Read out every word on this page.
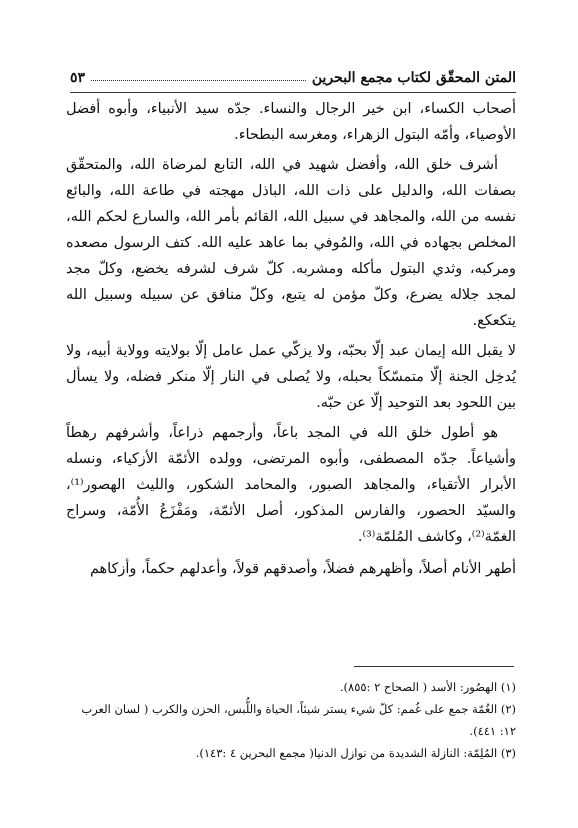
المتن المحقّق لكتاب مجمع البحرين
٥٣

أصحاب الكساء، ابن خير الرجال والنساء. جدّه سيد الأنبياء، وأبوه أفضل الأوصياء، وأمّه البتول الزهراء، ومغرسه البطحاء.

أشرف خلق الله، وأفضل شهيد في الله، التابع لمرضاة الله، والمتحقّق بصفات الله، والدليل على ذات الله، الباذل مهجته في طاعة الله، والبائع نفسه من الله، والمجاهد في سبيل الله، القائم بأمر الله، والسارع لحكم الله، المخلص بجهاده في الله، والمُوفي بما عاهد عليه الله. كتف الرسول مصعده ومركبه، وثدي البتول مأكله ومشربه. كلّ شرف لشرفه يخضع، وكلّ مجد لمجد جلاله يضرع، وكلّ مؤمن له يتبع، وكلّ منافق عن سبيله وسبيل الله يتكعكع.

لا يقبل الله إيمان عبد إلّا بحبّه، ولا يزكّي عمل عامل إلّا بولايته وولاية أبيه، ولا يُدخِل الجنة إلّا متمسّكاً بحبله، ولا يُصلى في النار إلّا منكر فضله، ولا يسأل بين اللحود بعد التوحيد إلّا عن حبّه.

هو أطول خلق الله في المجد باعاً، وأرجمهم ذراعاً، وأشرفهم رهطاً وأشياعاً. جدّه المصطفى، وأبوه المرتضى، وولده الأئمّة الأزكياء، ونسله الأبرار الأتقياء، والمجاهد الصبور، والمحامد الشكور، والليث الهصور⁽¹⁾، والسيّد الحصور، والفارس المذكور، أصل الأئمّة، ومَفْزَعُ الأُمّة، وسراج الغمّة⁽²⁾، وكاشف المُلمّة⁽³⁾.

أطهر الأنام أصلاً، وأظهرهم فضلاً، وأصدقهم قولاً، وأعدلهم حكماً، وأزكاهم

(١) الهصُور: الأسد ( الصحاح ٢ :٨٥٥).
(٢) الغُمّة جمع على غُمم: كلّ شيء يستر شيئاً، الحياة واللُّبس، الحزن والكرب ( لسان العرب ١٢: ٤٤١).
(٣) المُلِمّة: النازلة الشديدة من نوازل الدنيا( مجمع البحرين ٤ :١٤٣).
